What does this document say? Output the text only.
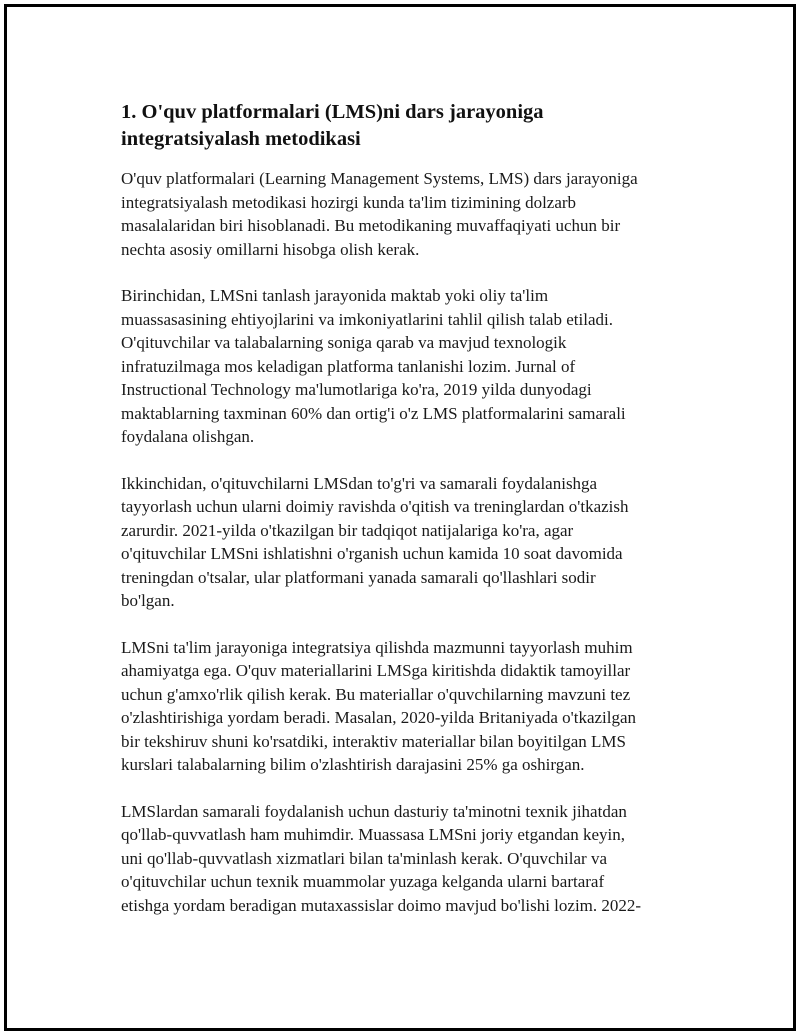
1. O'quv platformalari (LMS)ni dars jarayoniga
integratsiyalash metodikasi

O'quv platformalari (Learning Management Systems, LMS) dars jarayoniga
integratsiyalash metodikasi hozirgi kunda ta'lim tizimining dolzarb
masalalaridan biri hisoblanadi. Bu metodikaning muvaffaqiyati uchun bir
nechta asosiy omillarni hisobga olish kerak.

Birinchidan, LMSni tanlash jarayonida maktab yoki oliy ta'lim
muassasasining ehtiyojlarini va imkoniyatlarini tahlil qilish talab etiladi.
O'qituvchilar va talabalarning soniga qarab va mavjud texnologik
infratuzilmaga mos keladigan platforma tanlanishi lozim. Jurnal of
Instructional Technology ma'lumotlariga ko'ra, 2019 yilda dunyodagi
maktablarning taxminan 60% dan ortig'i o'z LMS platformalarini samarali
foydalana olishgan.

Ikkinchidan, o'qituvchilarni LMSdan to'g'ri va samarali foydalanishga
tayyorlash uchun ularni doimiy ravishda o'qitish va treninglardan o'tkazish
zarurdir. 2021-yilda o'tkazilgan bir tadqiqot natijalariga ko'ra, agar
o'qituvchilar LMSni ishlatishni o'rganish uchun kamida 10 soat davomida
treningdan o'tsalar, ular platformani yanada samarali qo'llashlari sodir
bo'lgan.

LMSni ta'lim jarayoniga integratsiya qilishda mazmunni tayyorlash muhim
ahamiyatga ega. O'quv materiallarini LMSga kiritishda didaktik tamoyillar
uchun g'amxo'rlik qilish kerak. Bu materiallar o'quvchilarning mavzuni tez
o'zlashtirishiga yordam beradi. Masalan, 2020-yilda Britaniyada o'tkazilgan
bir tekshiruv shuni ko'rsatdiki, interaktiv materiallar bilan boyitilgan LMS
kurslari talabalarning bilim o'zlashtirish darajasini 25% ga oshirgan.

LMSlardan samarali foydalanish uchun dasturiy ta'minotni texnik jihatdan
qo'llab-quvvatlash ham muhimdir. Muassasa LMSni joriy etgandan keyin,
uni qo'llab-quvvatlash xizmatlari bilan ta'minlash kerak. O'quvchilar va
o'qituvchilar uchun texnik muammolar yuzaga kelganda ularni bartaraf
etishga yordam beradigan mutaxassislar doimo mavjud bo'lishi lozim. 2022-
